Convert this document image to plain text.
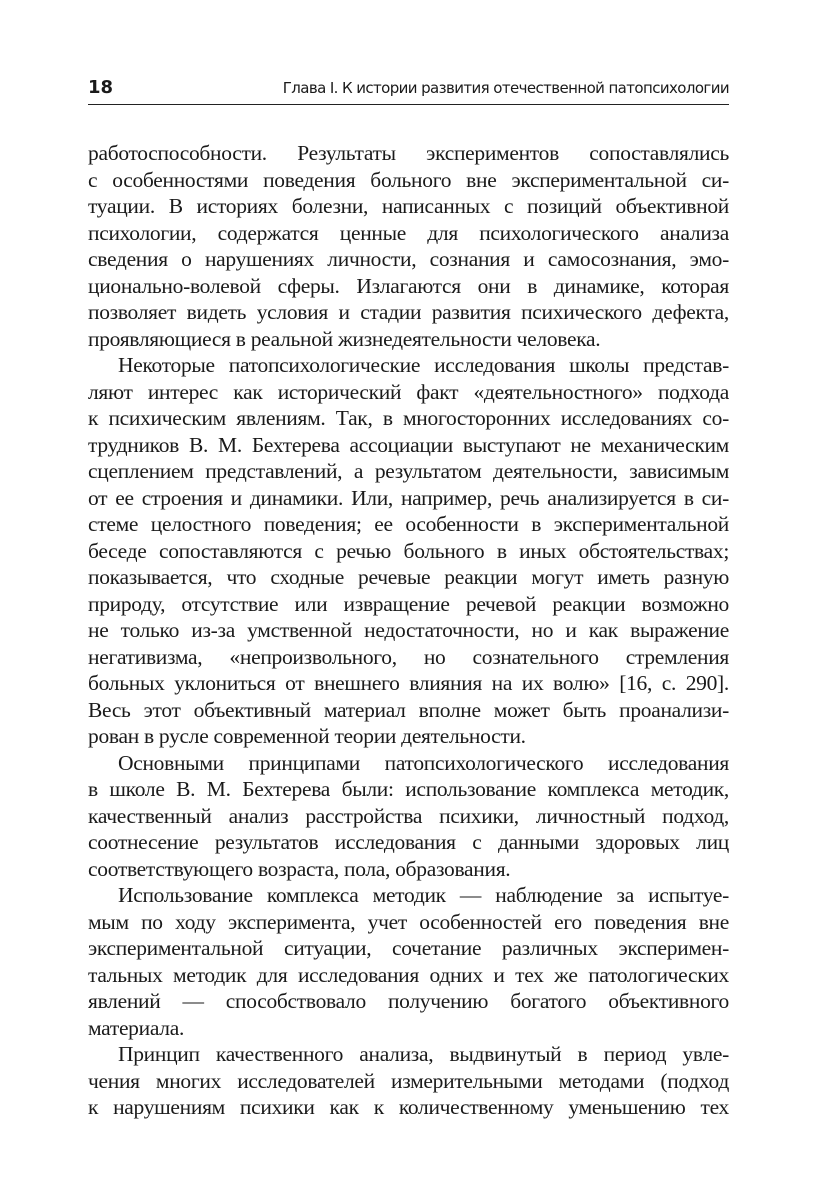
18	Глава I. К истории развития отечественной патопсихологии
работоспособности. Результаты экспериментов сопоставлялись
с особенностями поведения больного вне экспериментальной си-
туации. В историях болезни, написанных с позиций объективной
психологии, содержатся ценные для психологического анализа
сведения о нарушениях личности, сознания и самосознания, эмо-
ционально-волевой сферы. Излагаются они в динамике, которая
позволяет видеть условия и стадии развития психического дефекта,
проявляющиеся в реальной жизнедеятельности человека.
Некоторые патопсихологические исследования школы представ-
ляют интерес как исторический факт «деятельностного» подхода
к психическим явлениям. Так, в многосторонних исследованиях со-
трудников В. М. Бехтерева ассоциации выступают не механическим
сцеплением представлений, а результатом деятельности, зависимым
от ее строения и динамики. Или, например, речь анализируется в си-
стеме целостного поведения; ее особенности в экспериментальной
беседе сопоставляются с речью больного в иных обстоятельствах;
показывается, что сходные речевые реакции могут иметь разную
природу, отсутствие или извращение речевой реакции возможно
не только из-за умственной недостаточности, но и как выражение
негативизма, «непроизвольного, но сознательного стремления
больных уклониться от внешнего влияния на их волю» [16, с. 290].
Весь этот объективный материал вполне может быть проанализи-
рован в русле современной теории деятельности.
Основными принципами патопсихологического исследования
в школе В. М. Бехтерева были: использование комплекса методик,
качественный анализ расстройства психики, личностный подход,
соотнесение результатов исследования с данными здоровых лиц
соответствующего возраста, пола, образования.
Использование комплекса методик — наблюдение за испытуе-
мым по ходу эксперимента, учет особенностей его поведения вне
экспериментальной ситуации, сочетание различных эксперимен-
тальных методик для исследования одних и тех же патологических
явлений — способствовало получению богатого объективного
материала.
Принцип качественного анализа, выдвинутый в период увле-
чения многих исследователей измерительными методами (подход
к нарушениям психики как к количественному уменьшению тех
